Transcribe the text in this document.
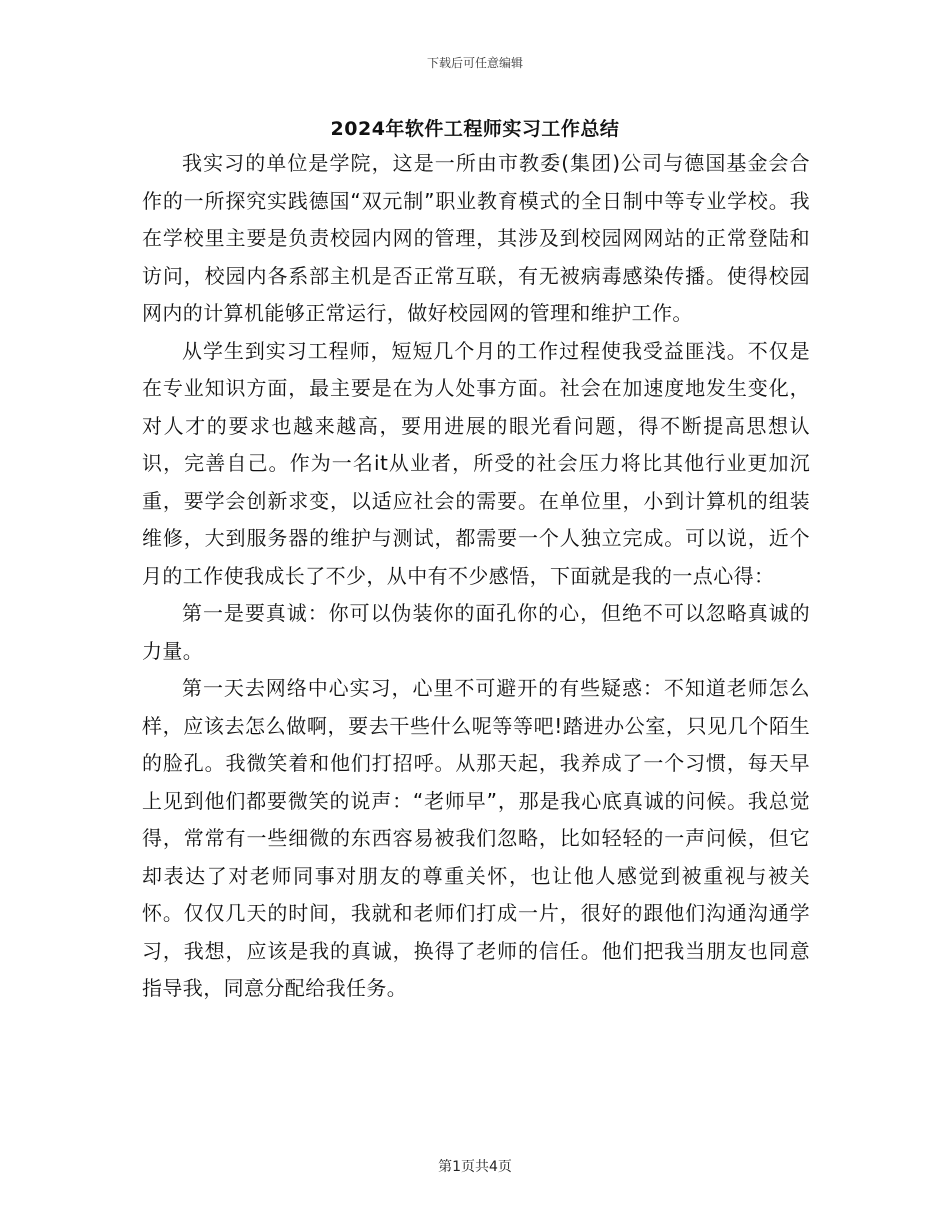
下载后可任意编辑
2024年软件工程师实习工作总结

我实习的单位是学院，这是一所由市教委(集团)公司与德国基金会合作的一所探究实践德国“双元制”职业教育模式的全日制中等专业学校。我在学校里主要是负责校园内网的管理，其涉及到校园网网站的正常登陆和访问，校园内各系部主机是否正常互联，有无被病毒感染传播。使得校园网内的计算机能够正常运行，做好校园网的管理和维护工作。

从学生到实习工程师，短短几个月的工作过程使我受益匪浅。不仅是在专业知识方面，最主要是在为人处事方面。社会在加速度地发生变化，对人才的要求也越来越高，要用进展的眼光看问题，得不断提高思想认识，完善自己。作为一名it从业者，所受的社会压力将比其他行业更加沉重，要学会创新求变，以适应社会的需要。在单位里，小到计算机的组装维修，大到服务器的维护与测试，都需要一个人独立完成。可以说，近个月的工作使我成长了不少，从中有不少感悟，下面就是我的一点心得：

第一是要真诚：你可以伪装你的面孔你的心，但绝不可以忽略真诚的力量。

第一天去网络中心实习，心里不可避开的有些疑惑：不知道老师怎么样，应该去怎么做啊，要去干些什么呢等等吧!踏进办公室，只见几个陌生的脸孔。我微笑着和他们打招呼。从那天起，我养成了一个习惯，每天早上见到他们都要微笑的说声：“老师早”，那是我心底真诚的问候。我总觉得，常常有一些细微的东西容易被我们忽略，比如轻轻的一声问候，但它却表达了对老师同事对朋友的尊重关怀，也让他人感觉到被重视与被关怀。仅仅几天的时间，我就和老师们打成一片，很好的跟他们沟通沟通学习，我想，应该是我的真诚，换得了老师的信任。他们把我当朋友也同意指导我，同意分配给我任务。

第1页共4页
